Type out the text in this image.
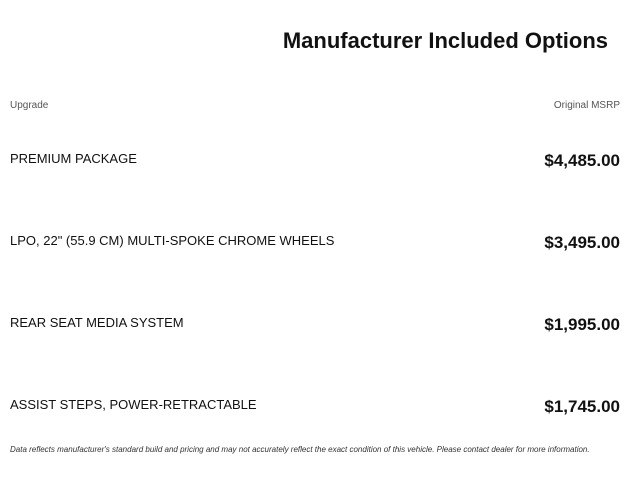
Manufacturer Included Options
Upgrade	Original MSRP
PREMIUM PACKAGE	$4,485.00
LPO, 22" (55.9 CM) MULTI-SPOKE CHROME WHEELS	$3,495.00
REAR SEAT MEDIA SYSTEM	$1,995.00
ASSIST STEPS, POWER-RETRACTABLE	$1,745.00
Data reflects manufacturer's standard build and pricing and may not accurately reflect the exact condition of this vehicle. Please contact dealer for more information.
